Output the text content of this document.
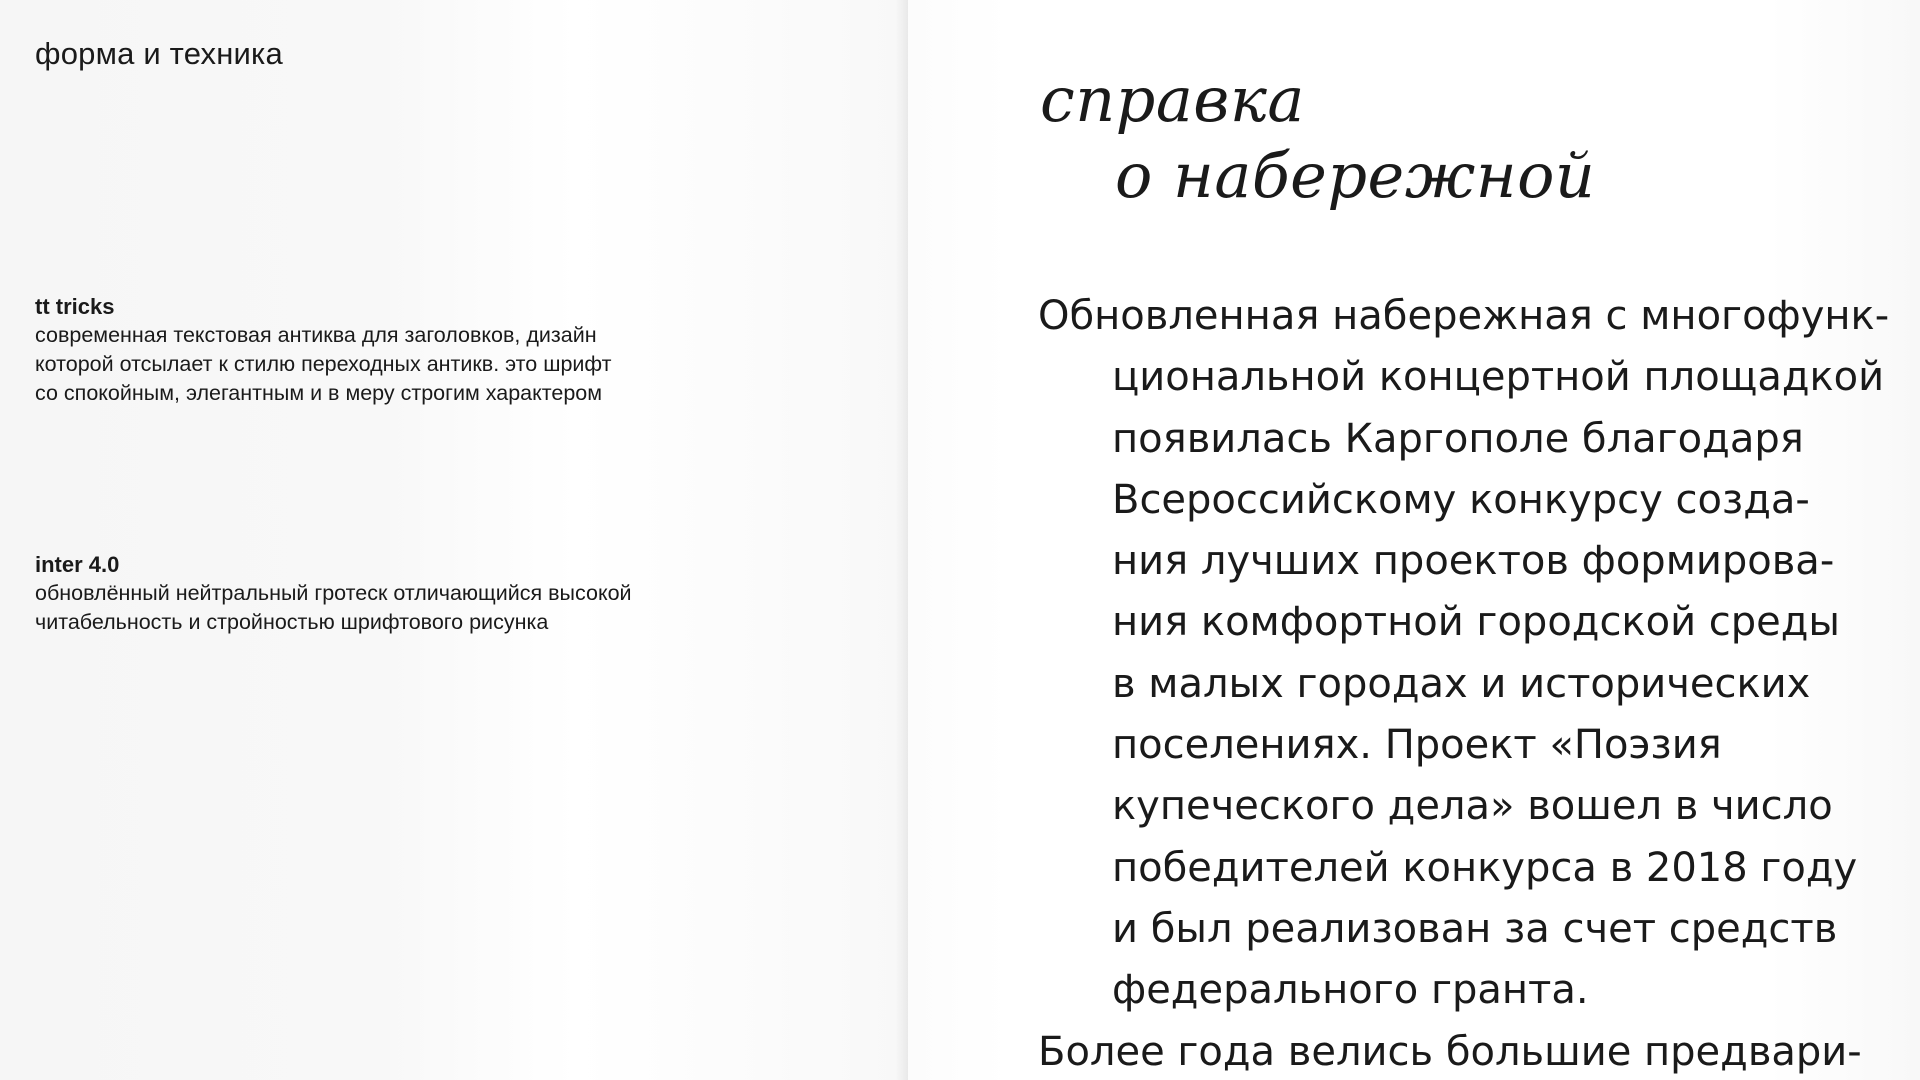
форма и техника
tt tricks
современная текстовая антиква для заголовков, дизайн
которой отсылает к стилю переходных антикв. это шрифт
со спокойным, элегантным и в меру строгим характером
inter 4.0
обновлённый нейтральный гротеск отличающийся высокой
читабельность и стройностью шрифтового рисунка
справка
о набережной
Обновленная набережная с многофунк-
циональной концертной площадкой
появилась Каргополе благодаря
Всероссийскому конкурсу созда-
ния лучших проектов формирова-
ния комфортной городской среды
в малых городах и исторических
поселениях. Проект «Поэзия
купеческого дела» вошел в число
победителей конкурса в 2018 году
и был реализован за счет средств
федерального гранта.
Более года велись большие предвари-
